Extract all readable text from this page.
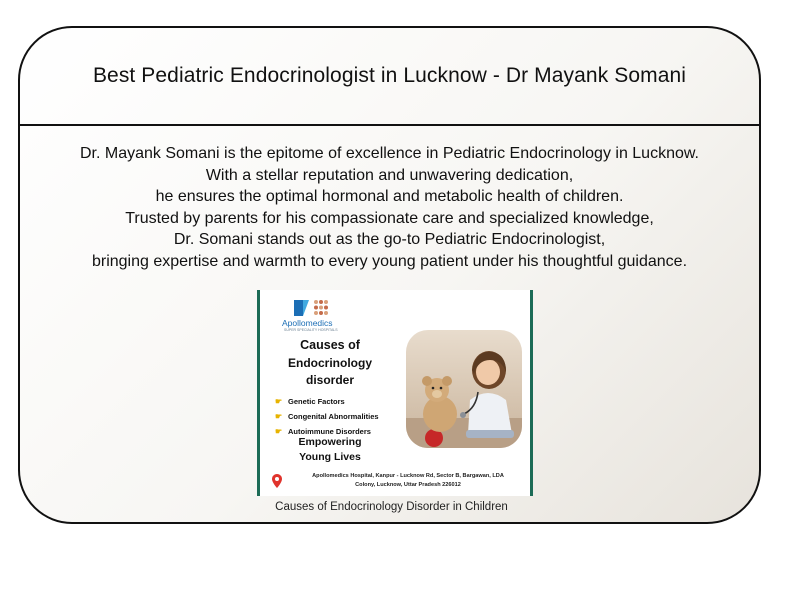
Best Pediatric Endocrinologist in Lucknow - Dr Mayank Somani
Dr. Mayank Somani is the epitome of excellence in Pediatric Endocrinology in Lucknow.
With a stellar reputation and unwavering dedication,
he ensures the optimal hormonal and metabolic health of children.
Trusted by parents for his compassionate care and specialized knowledge,
Dr. Somani stands out as the go-to Pediatric Endocrinologist,
bringing expertise and warmth to every young patient under his thoughtful guidance.
Apollomedics
SUPER SPECIALITY HOSPITALS
Causes of
Endocrinology
disorder
☛ Genetic Factors
☛ Congenital Abnormalities
☛ Autoimmune Disorders
Empowering
Young Lives
Apollomedics Hospital, Kanpur - Lucknow Rd, Sector B, Bargawan, LDA
Colony, Lucknow, Uttar Pradesh 226012
Causes of Endocrinology Disorder in Children
